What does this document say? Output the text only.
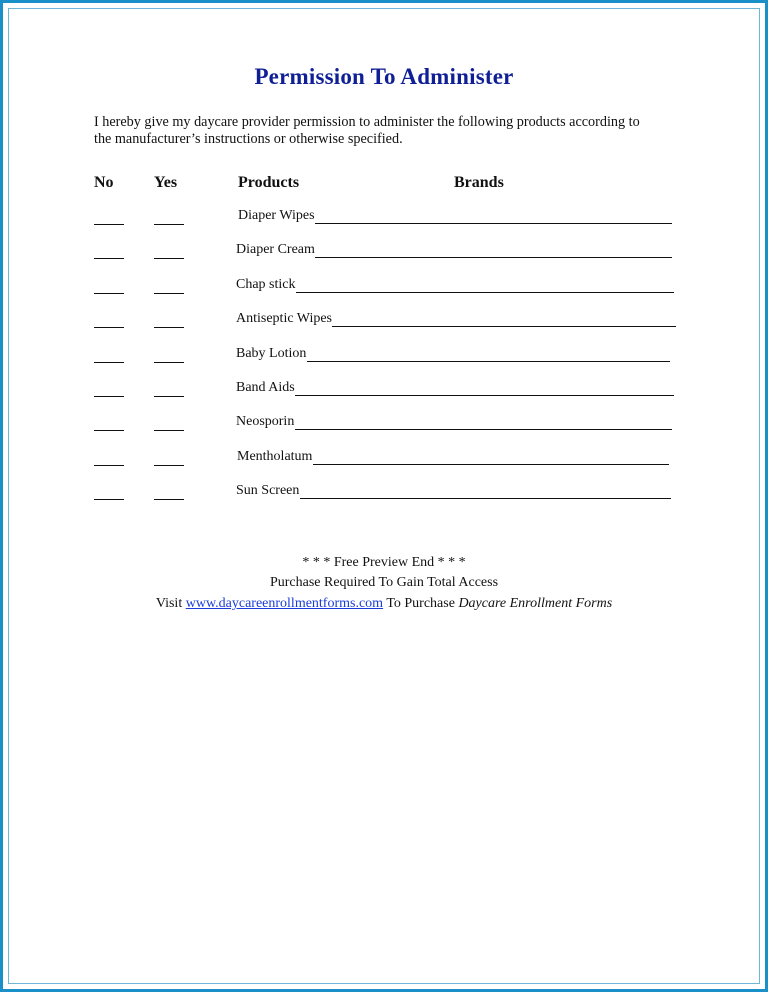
Permission To Administer
I hereby give my daycare provider permission to administer the following products according to
the manufacturer’s instructions or otherwise specified.
No	Yes	Products	Brands
Diaper Wipes
Diaper Cream
Chap stick
Antiseptic Wipes
Baby Lotion
Band Aids
Neosporin
Mentholatum
Sun Screen
* * * Free Preview End * * *
Purchase Required To Gain Total Access
Visit www.daycareenrollmentforms.com To Purchase Daycare Enrollment Forms
